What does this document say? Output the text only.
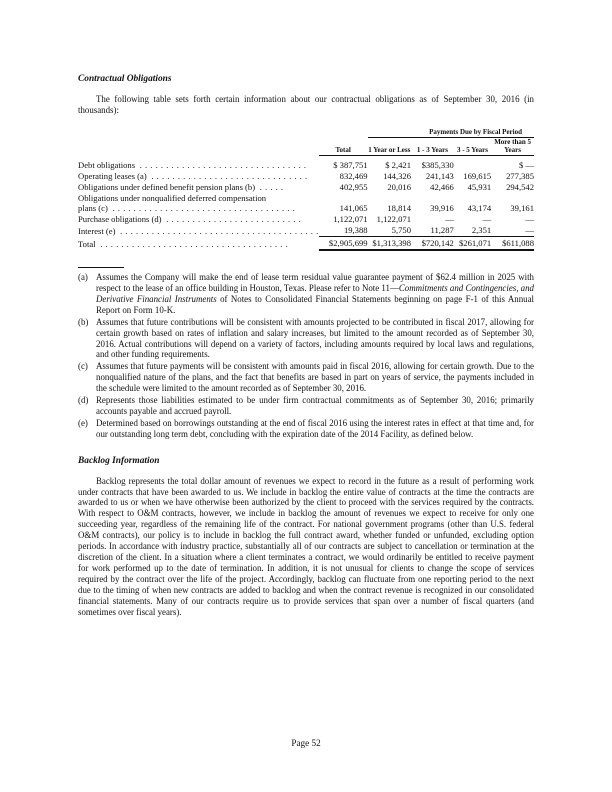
Contractual Obligations

The following table sets forth certain information about our contractual obligations as of September 30, 2016 (in thousands):

		Payments Due by Fiscal Period			
	Total	1 Year or Less	1 - 3 Years	3 - 5 Years	More than 5 Years

Debt obligations . . . . . . . . . . . . . . . . . . . . . . . . . . . . . . . .	$ 387,751	$ 2,421	$385,330		$ —
Operating leases (a) . . . . . . . . . . . . . . . . . . . . . . . . . . . . . .	832,469	144,326	241,143	169,615	277,385
Obligations under defined benefit pension plans (b) . . . . .	402,955	20,016	42,466	45,931	294,542
Obligations under nonqualified deferred compensation					
plans (c) . . . . . . . . . . . . . . . . . . . . . . . . . . . . . . . . . . .	141,065	18,814	39,916	43,174	39,161
Purchase obligations (d) . . . . . . . . . . . . . . . . . . . . . . . . . .	1,122,071	1,122,071	—	—	—
Interest (e) . . . . . . . . . . . . . . . . . . . . . . . . . . . . . . . . . . . . . .	19,388	5,750	11,287	2,351	—
Total . . . . . . . . . . . . . . . . . . . . . . . . . . . . . . . . . . . .	$2,905,699	$1,313,398	$720,142	$261,071	$611,088
(a) Assumes the Company will make the end of lease term residual value guarantee payment of $62.4 million in 2025 with respect to the lease of an office building in Houston, Texas. Please refer to Note 11—Commitments and Contingencies, and Derivative Financial Instruments of Notes to Consolidated Financial Statements beginning on page F-1 of this Annual Report on Form 10-K.
(b) Assumes that future contributions will be consistent with amounts projected to be contributed in fiscal 2017, allowing for certain growth based on rates of inflation and salary increases, but limited to the amount recorded as of September 30, 2016. Actual contributions will depend on a variety of factors, including amounts required by local laws and regulations, and other funding requirements.
(c) Assumes that future payments will be consistent with amounts paid in fiscal 2016, allowing for certain growth. Due to the nonqualified nature of the plans, and the fact that benefits are based in part on years of service, the payments included in the schedule were limited to the amount recorded as of September 30, 2016.
(d) Represents those liabilities estimated to be under firm contractual commitments as of September 30, 2016; primarily accounts payable and accrued payroll.
(e) Determined based on borrowings outstanding at the end of fiscal 2016 using the interest rates in effect at that time and, for our outstanding long term debt, concluding with the expiration date of the 2014 Facility, as defined below.
Backlog Information

Backlog represents the total dollar amount of revenues we expect to record in the future as a result of performing work under contracts that have been awarded to us. We include in backlog the entire value of contracts at the time the contracts are awarded to us or when we have otherwise been authorized by the client to proceed with the services required by the contracts. With respect to O&M contracts, however, we include in backlog the amount of revenues we expect to receive for only one succeeding year, regardless of the remaining life of the contract. For national government programs (other than U.S. federal O&M contracts), our policy is to include in backlog the full contract award, whether funded or unfunded, excluding option periods. In accordance with industry practice, substantially all of our contracts are subject to cancellation or termination at the discretion of the client. In a situation where a client terminates a contract, we would ordinarily be entitled to receive payment for work performed up to the date of termination. In addition, it is not unusual for clients to change the scope of services required by the contract over the life of the project. Accordingly, backlog can fluctuate from one reporting period to the next due to the timing of when new contracts are added to backlog and when the contract revenue is recognized in our consolidated financial statements. Many of our contracts require us to provide services that span over a number of fiscal quarters (and sometimes over fiscal years).

Page 52
